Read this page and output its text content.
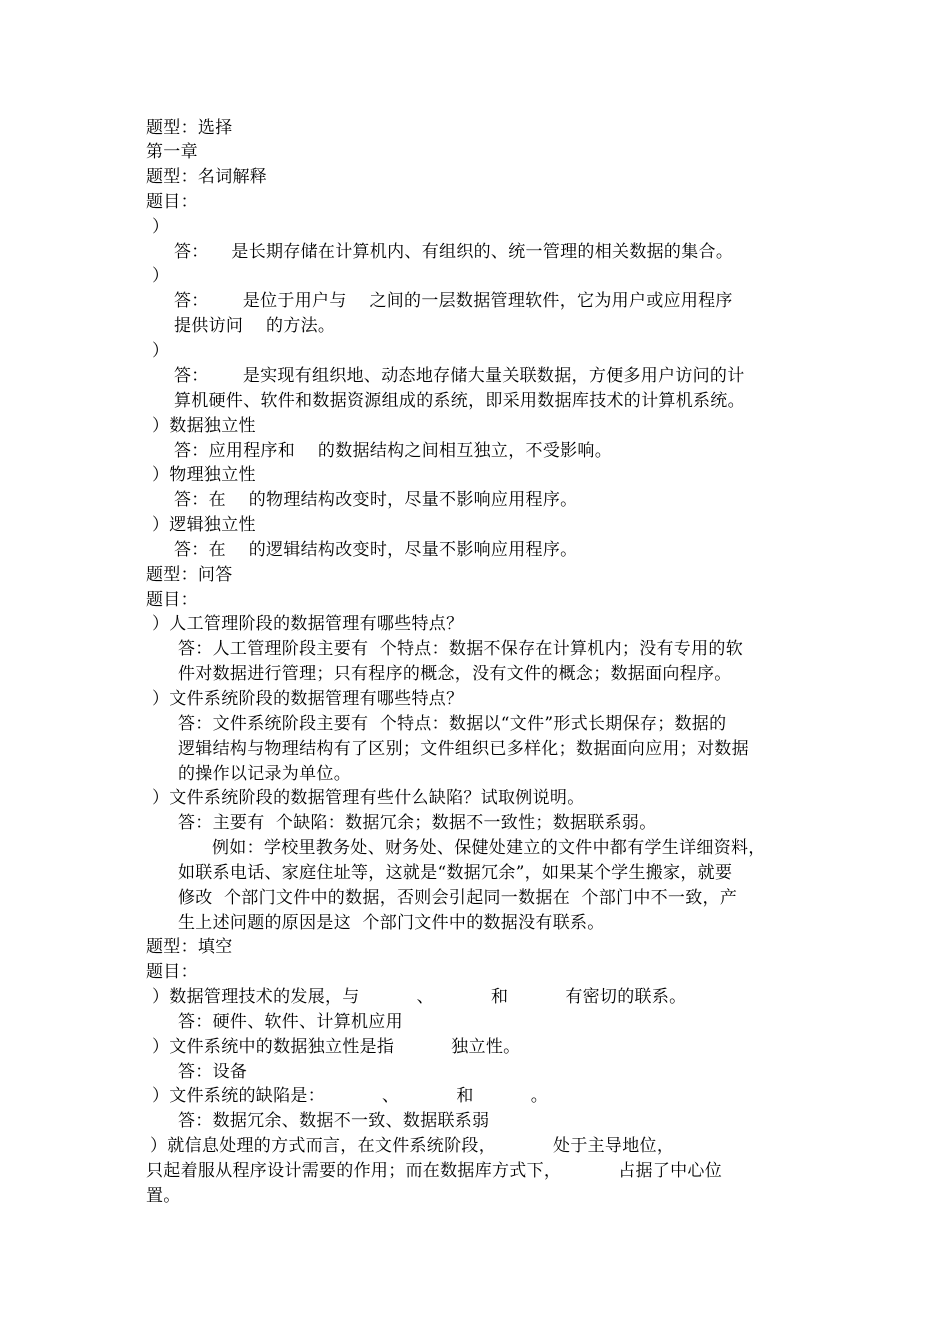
题型：选择
第一章
题型：名词解释
题目：
）
答：    是长期存储在计算机内、有组织的、统一管理的相关数据的集合。
）
答：      是位于用户与    之间的一层数据管理软件，它为用户或应用程序
提供访问    的方法。
）
答：      是实现有组织地、动态地存储大量关联数据，方便多用户访问的计
算机硬件、软件和数据资源组成的系统，即采用数据库技术的计算机系统。
）数据独立性
答：应用程序和    的数据结构之间相互独立，不受影响。
）物理独立性
答：在    的物理结构改变时，尽量不影响应用程序。
）逻辑独立性
答：在    的逻辑结构改变时，尽量不影响应用程序。
题型：问答
题目：
）人工管理阶段的数据管理有哪些特点？
答：人工管理阶段主要有  个特点：数据不保存在计算机内；没有专用的软
件对数据进行管理；只有程序的概念，没有文件的概念；数据面向程序。
）文件系统阶段的数据管理有哪些特点？
答：文件系统阶段主要有  个特点：数据以“文件”形式长期保存；数据的
逻辑结构与物理结构有了区别；文件组织已多样化；数据面向应用；对数据
的操作以记录为单位。
）文件系统阶段的数据管理有些什么缺陷？试取例说明。
答：主要有  个缺陷：数据冗余；数据不一致性；数据联系弱。
例如：学校里教务处、财务处、保健处建立的文件中都有学生详细资料，
如联系电话、家庭住址等，这就是“数据冗余”，如果某个学生搬家，就要
修改  个部门文件中的数据，否则会引起同一数据在  个部门中不一致，产
生上述问题的原因是这  个部门文件中的数据没有联系。
题型：填空
题目：
）数据管理技术的发展，与          、          和          有密切的联系。
答：硬件、软件、计算机应用
）文件系统中的数据独立性是指          独立性。
答：设备
）文件系统的缺陷是：          、          和          。
答：数据冗余、数据不一致、数据联系弱
）就信息处理的方式而言，在文件系统阶段，          处于主导地位，
只起着服从程序设计需要的作用；而在数据库方式下，          占据了中心位
置。
